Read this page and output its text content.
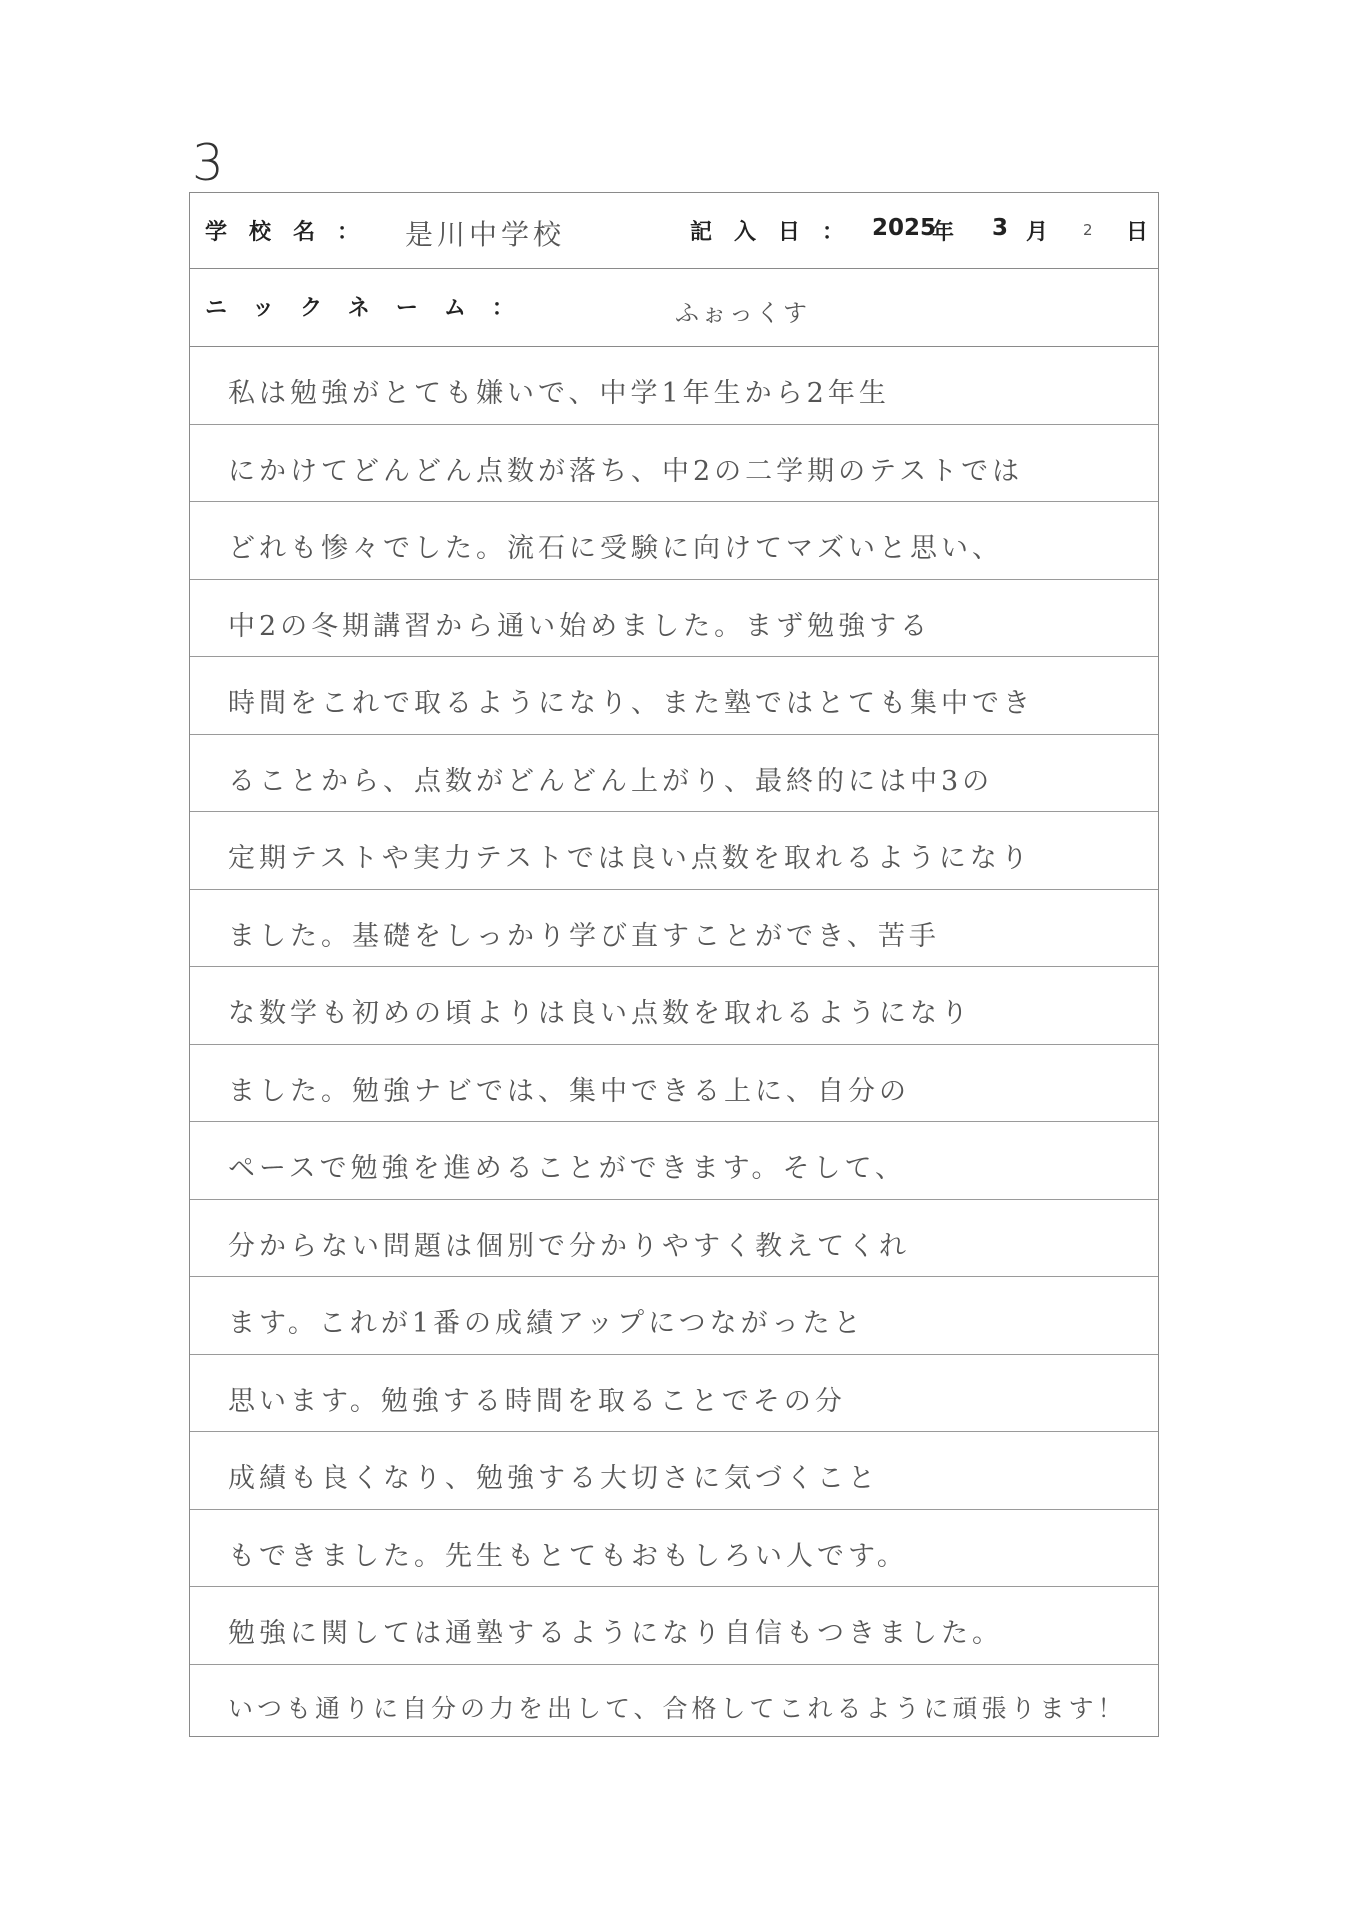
3
学校名： 是川中学校	記入日： 2025
年 3 月 2 日
ニックネーム：	ふぉっくす
私は勉強がとても嫌いで、中学1年生から2年生
にかけてどんどん点数が落ち、中2の二学期のテストでは
どれも惨々でした。流石に受験に向けてマズいと思い、
中2の冬期講習から通い始めました。まず勉強する
時間をこれで取るようになり、また塾ではとても集中でき
ることから、点数がどんどん上がり、最終的には中3の
定期テストや実力テストでは良い点数を取れるようになり
ました。基礎をしっかり学び直すことができ、苦手
な数学も初めの頃よりは良い点数を取れるようになり
ました。勉強ナビでは、集中できる上に、自分の
ペースで勉強を進めることができます。そして、
分からない問題は個別で分かりやすく教えてくれ
ます。これが1番の成績アップにつながったと
思います。勉強する時間を取ることでその分
成績も良くなり、勉強する大切さに気づくこと
もできました。先生もとてもおもしろい人です。
勉強に関しては通塾するようになり自信もつきました。
いつも通りに自分の力を出して、合格してこれるように頑張ります！
